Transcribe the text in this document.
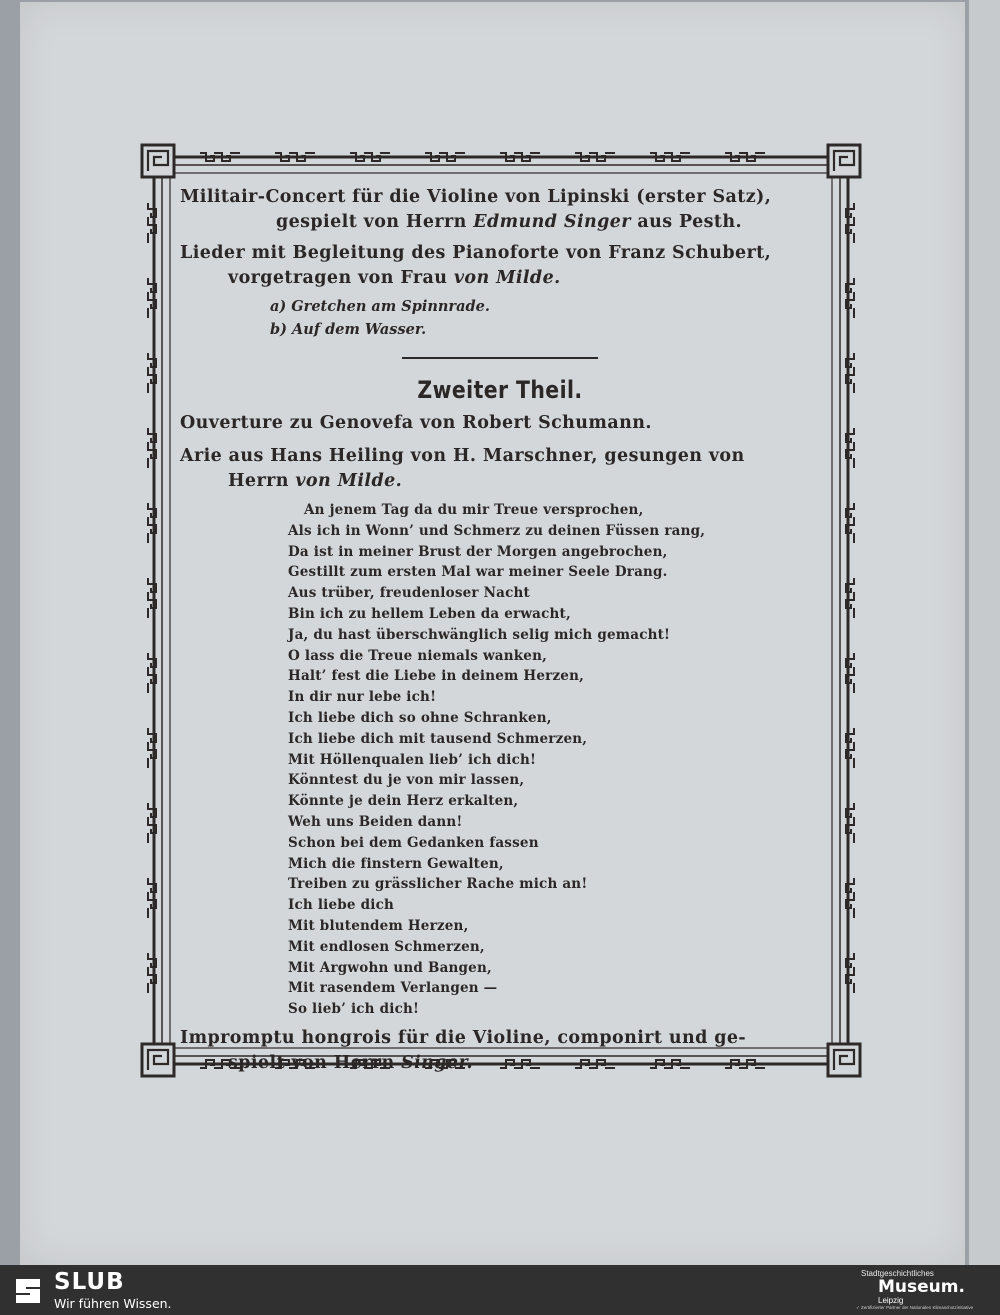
Militair-Concert für die Violine von Lipinski (erster Satz),
gespielt von Herrn Edmund Singer aus Pesth.

Lieder mit Begleitung des Pianoforte von Franz Schubert,
vorgetragen von Frau von Milde.

a) Gretchen am Spinnrade.
b) Auf dem Wasser.
Zweiter Theil.

Ouverture zu Genovefa von Robert Schumann.

Arie aus Hans Heiling von H. Marschner, gesungen von
Herrn von Milde.

An jenem Tag da du mir Treue versprochen,
Als ich in Wonn’ und Schmerz zu deinen Füssen rang,
Da ist in meiner Brust der Morgen angebrochen,
Gestillt zum ersten Mal war meiner Seele Drang.
Aus trüber, freudenloser Nacht
Bin ich zu hellem Leben da erwacht,
Ja, du hast überschwänglich selig mich gemacht!
O lass die Treue niemals wanken,
Halt’ fest die Liebe in deinem Herzen,
In dir nur lebe ich!
Ich liebe dich so ohne Schranken,
Ich liebe dich mit tausend Schmerzen,
Mit Höllenqualen lieb’ ich dich!
Könntest du je von mir lassen,
Könnte je dein Herz erkalten,
Weh uns Beiden dann!
Schon bei dem Gedanken fassen
Mich die finstern Gewalten,
Treiben zu grässlicher Rache mich an!
Ich liebe dich
Mit blutendem Herzen,
Mit endlosen Schmerzen,
Mit Argwohn und Bangen,
Mit rasendem Verlangen —
So lieb’ ich dich!

Impromptu hongrois für die Violine, componirt und ge-
spielt von Herrn Singer.

SLUB
Wir führen Wissen.
Stadtgeschichtliches
Museum.
Leipzig
✓ Zertifizierter Partner der Nationalen Klimaschutzinitiative
